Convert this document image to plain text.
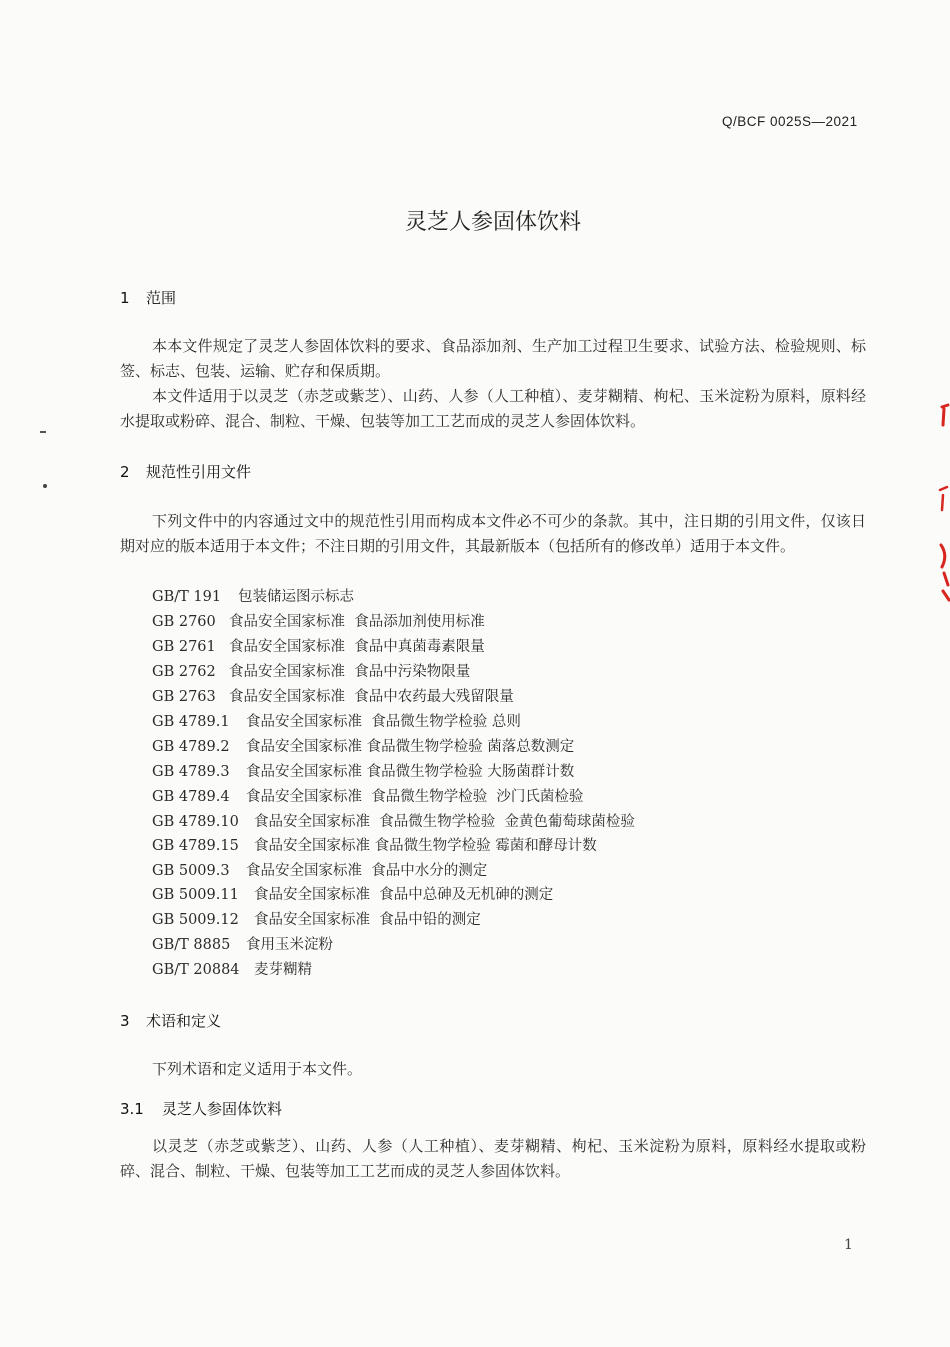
Q/BCF 0025S—2021
灵芝人参固体饮料
1 范围
本本文件规定了灵芝人参固体饮料的要求、食品添加剂、生产加工过程卫生要求、试验方法、检验规则、标签、标志、包装、运输、贮存和保质期。
本文件适用于以灵芝（赤芝或紫芝）、山药、人参（人工种植）、麦芽糊精、枸杞、玉米淀粉为原料，原料经水提取或粉碎、混合、制粒、干燥、包装等加工工艺而成的灵芝人参固体饮料。
2 规范性引用文件
下列文件中的内容通过文中的规范性引用而构成本文件必不可少的条款。其中，注日期的引用文件，仅该日期对应的版本适用于本文件；不注日期的引用文件，其最新版本（包括所有的修改单）适用于本文件。
GB/T 191 包装储运图示标志
GB 2760 食品安全国家标准  食品添加剂使用标准
GB 2761 食品安全国家标准  食品中真菌毒素限量
GB 2762 食品安全国家标准  食品中污染物限量
GB 2763 食品安全国家标准  食品中农药最大残留限量
GB 4789.1 食品安全国家标准  食品微生物学检验 总则
GB 4789.2 食品安全国家标准 食品微生物学检验 菌落总数测定
GB 4789.3 食品安全国家标准 食品微生物学检验 大肠菌群计数
GB 4789.4 食品安全国家标准  食品微生物学检验  沙门氏菌检验
GB 4789.10 食品安全国家标准  食品微生物学检验  金黄色葡萄球菌检验
GB 4789.15 食品安全国家标准 食品微生物学检验 霉菌和酵母计数
GB 5009.3 食品安全国家标准  食品中水分的测定
GB 5009.11 食品安全国家标准  食品中总砷及无机砷的测定
GB 5009.12 食品安全国家标准  食品中铅的测定
GB/T 8885 食用玉米淀粉
GB/T 20884 麦芽糊精
3 术语和定义
下列术语和定义适用于本文件。
3.1 灵芝人参固体饮料
以灵芝（赤芝或紫芝）、山药、人参（人工种植）、麦芽糊精、枸杞、玉米淀粉为原料，原料经水提取或粉碎、混合、制粒、干燥、包装等加工工艺而成的灵芝人参固体饮料。
1
